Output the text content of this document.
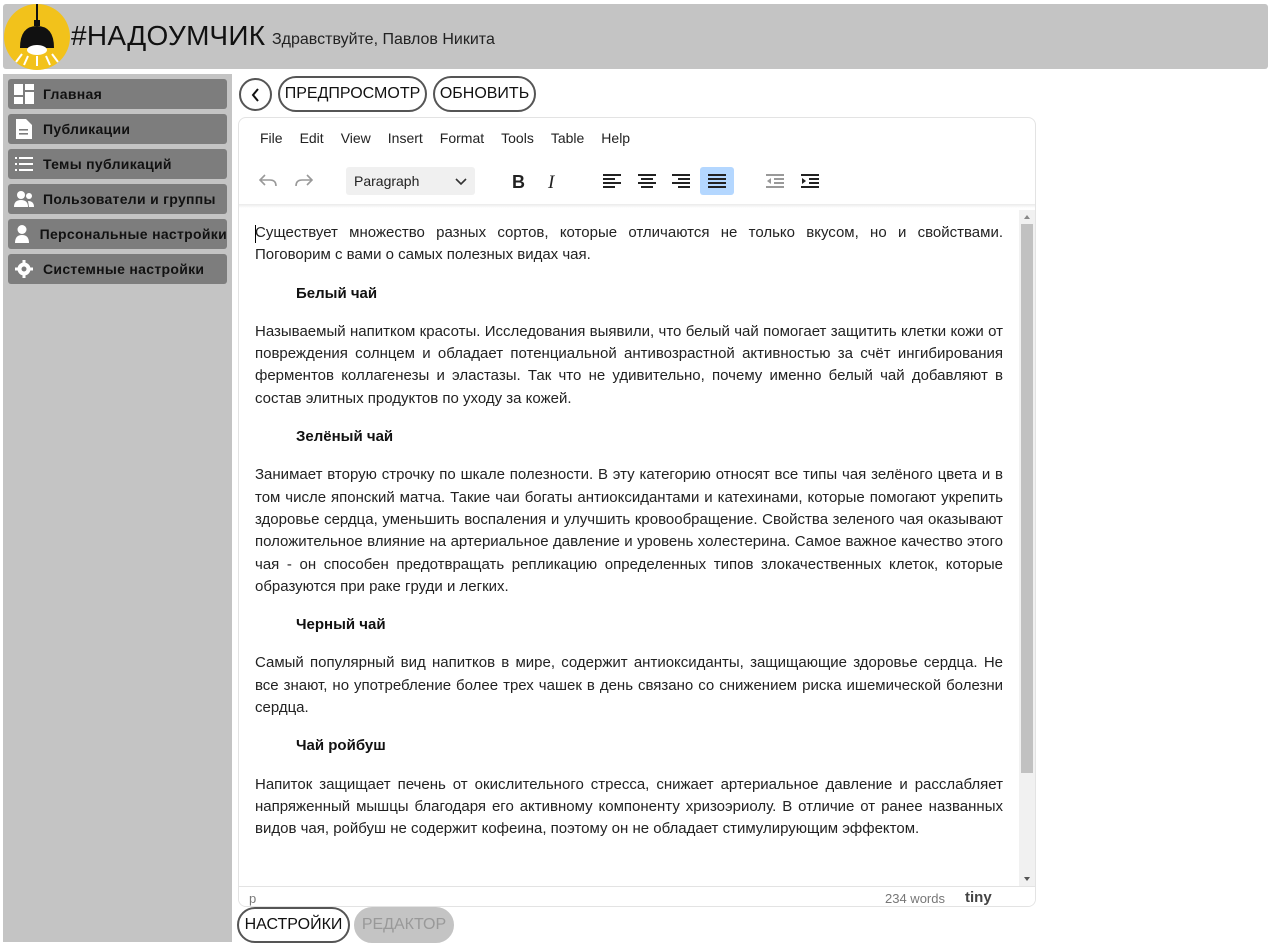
#НАДОУМЧИК Здравствуйте, Павлов Никита
Главная
Публикации
Темы публикаций
Пользователи и группы
Персональные настройки
Системные настройки
ПРЕДПРОСМОТР	ОБНОВИТЬ
File Edit View Insert Format Tools Table Help
Paragraph	B I

Существует множество разных сортов, которые отличаются не только вкусом, но и свойствами. Поговорим с вами о самых полезных видах чая.

Белый чай

Называемый напитком красоты. Исследования выявили, что белый чай помогает защитить клетки кожи от повреждения солнцем и обладает потенциальной антивозрастной активностью за счёт ингибирования ферментов коллагенезы и эластазы. Так что не удивительно, почему именно белый чай добавляют в состав элитных продуктов по уходу за кожей.

Зелёный чай

Занимает вторую строчку по шкале полезности. В эту категорию относят все типы чая зелёного цвета и в том числе японский матча. Такие чаи богаты антиоксидантами и катехинами, которые помогают укрепить здоровье сердца, уменьшить воспаления и улучшить кровообращение. Свойства зеленого чая оказывают положительное влияние на артериальное давление и уровень холестерина. Самое важное качество этого чая - он способен предотвращать репликацию определенных типов злокачественных клеток, которые образуются при раке груди и легких.

Черный чай

Самый популярный вид напитков в мире, содержит антиоксиданты, защищающие здоровье сердца. Не все знают, но употребление более трех чашек в день связано со снижением риска ишемической болезни сердца.

Чай ройбуш

Напиток защищает печень от окислительного стресса, снижает артериальное давление и расслабляет напряженный мышцы благодаря его активному компоненту хризоэриолу. В отличие от ранее названных видов чая, ройбуш не содержит кофеина, поэтому он не обладает стимулирующим эффектом.

p	234 words tiny
НАСТРОЙКИ	РЕДАКТОР
